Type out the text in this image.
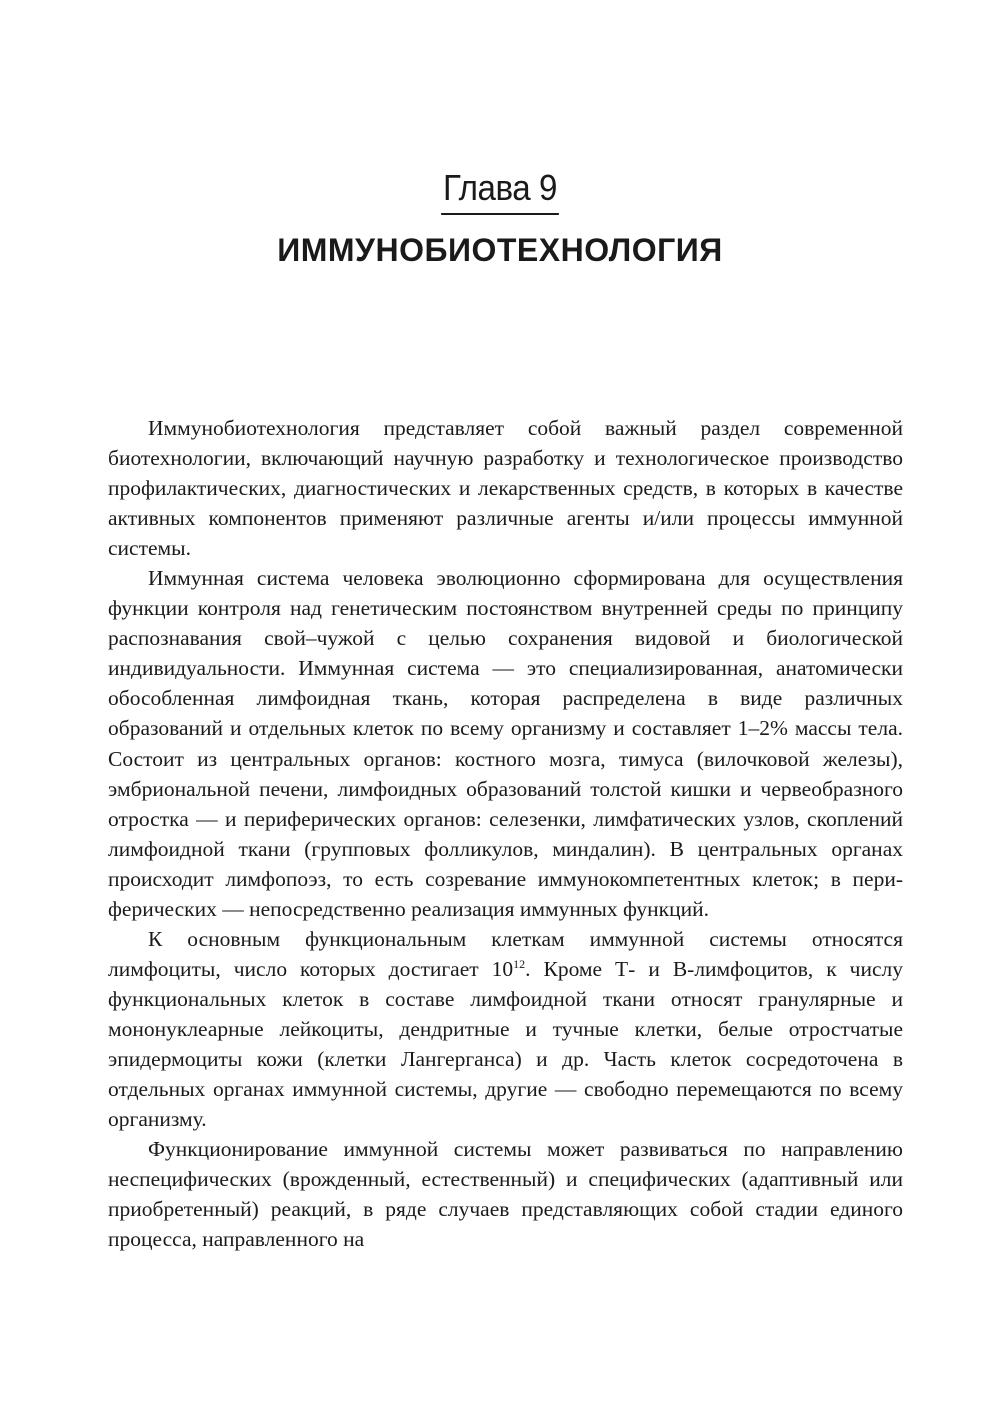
Глава 9
ИММУНОБИОТЕХНОЛОГИЯ

Иммунобиотехнология представляет собой важный раздел современной биотехнологии, включающий научную разработку и технологическое производство профилактических, диагностических и лекарственных средств, в которых в качестве активных компонентов применяют различные агенты и/или процессы иммунной системы.

Иммунная система человека эволюционно сформирована для осуществления функции контроля над генетическим постоянством внутренней среды по принципу распознавания свой–чужой с целью сохранения видовой и биологической индивидуальности. Иммунная система — это специализированная, анатомически обособленная лимфоидная ткань, которая распределена в виде различных образований и отдельных клеток по всему организму и составляет 1–2% массы тела. Состоит из центральных органов: костного мозга, тимуса (вилочковой железы), эмбриональной печени, лимфоидных образований толстой кишки и червеобразного отростка — и периферических органов: селезенки, лимфатических узлов, скоплений лимфоидной ткани (групповых фолликулов, миндалин). В центральных органах происходит лимфопоэз, то есть созревание иммунокомпетентных клеток; в периферических — непосредственно реализация иммунных функций.

К основным функциональным клеткам иммунной системы относятся лимфоциты, число которых достигает $10^{12}$. Кроме Т- и В-лимфоцитов, к числу функциональных клеток в составе лимфоидной ткани относят гранулярные и мононуклеарные лейкоциты, дендритные и тучные клетки, белые отростчатые эпидермоциты кожи (клетки Лангерганса) и др. Часть клеток сосредоточена в отдельных органах иммунной системы, другие — свободно перемещаются по всему организму.

Функционирование иммунной системы может развиваться по направлению неспецифических (врожденный, естественный) и специфических (адаптивный или приобретенный) реакций, в ряде случаев представляющих собой стадии единого процесса, направленного на
